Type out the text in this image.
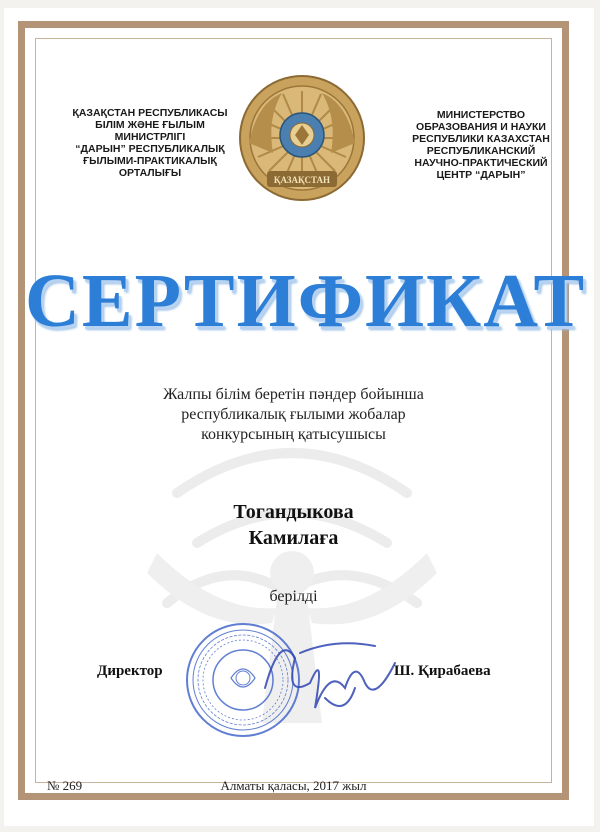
ҚАЗАҚСТАН РЕСПУБЛИКАСЫ
БІЛІМ ЖӘНЕ ҒЫЛЫМ
МИНИСТРЛІГІ
“ДАРЫН” РЕСПУБЛИКАЛЫҚ
ҒЫЛЫМИ-ПРАКТИКАЛЫҚ
ОРТАЛЫҒЫ
ҚАЗАҚСТАН
МИНИСТЕРСТВО
ОБРАЗОВАНИЯ И НАУКИ
РЕСПУБЛИКИ КАЗАХСТАН
РЕСПУБЛИКАНСКИЙ
НАУЧНО-ПРАКТИЧЕСКИЙ
ЦЕНТР “ДАРЫН”
СЕРТИФИКАТ
Жалпы білім беретін пәндер бойынша
республикалық ғылыми жобалар
конкурсының қатысушысы
Тогандыкова
Камилаға
берілді
Директор	Ш. Қирабаева
№ 269	Алматы қаласы, 2017 жыл
